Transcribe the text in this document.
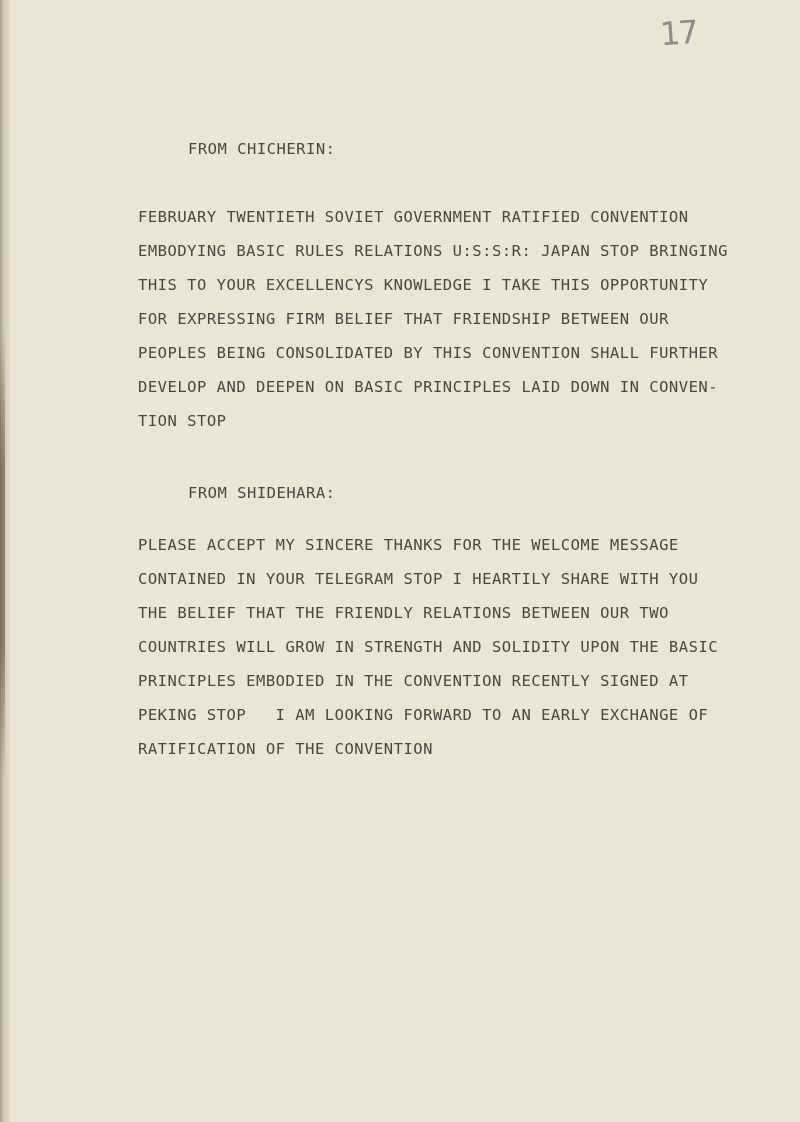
17
FROM CHICHERIN:
FEBRUARY TWENTIETH SOVIET GOVERNMENT RATIFIED CONVENTION
EMBODYING BASIC RULES RELATIONS U:S:S:R: JAPAN STOP BRINGING
THIS TO YOUR EXCELLENCYS KNOWLEDGE I TAKE THIS OPPORTUNITY
FOR EXPRESSING FIRM BELIEF THAT FRIENDSHIP BETWEEN OUR
PEOPLES BEING CONSOLIDATED BY THIS CONVENTION SHALL FURTHER
DEVELOP AND DEEPEN ON BASIC PRINCIPLES LAID DOWN IN CONVEN-
TION STOP
FROM SHIDEHARA:
PLEASE ACCEPT MY SINCERE THANKS FOR THE WELCOME MESSAGE
CONTAINED IN YOUR TELEGRAM STOP I HEARTILY SHARE WITH YOU
THE BELIEF THAT THE FRIENDLY RELATIONS BETWEEN OUR TWO
COUNTRIES WILL GROW IN STRENGTH AND SOLIDITY UPON THE BASIC
PRINCIPLES EMBODIED IN THE CONVENTION RECENTLY SIGNED AT
PEKING STOP   I AM LOOKING FORWARD TO AN EARLY EXCHANGE OF
RATIFICATION OF THE CONVENTION
